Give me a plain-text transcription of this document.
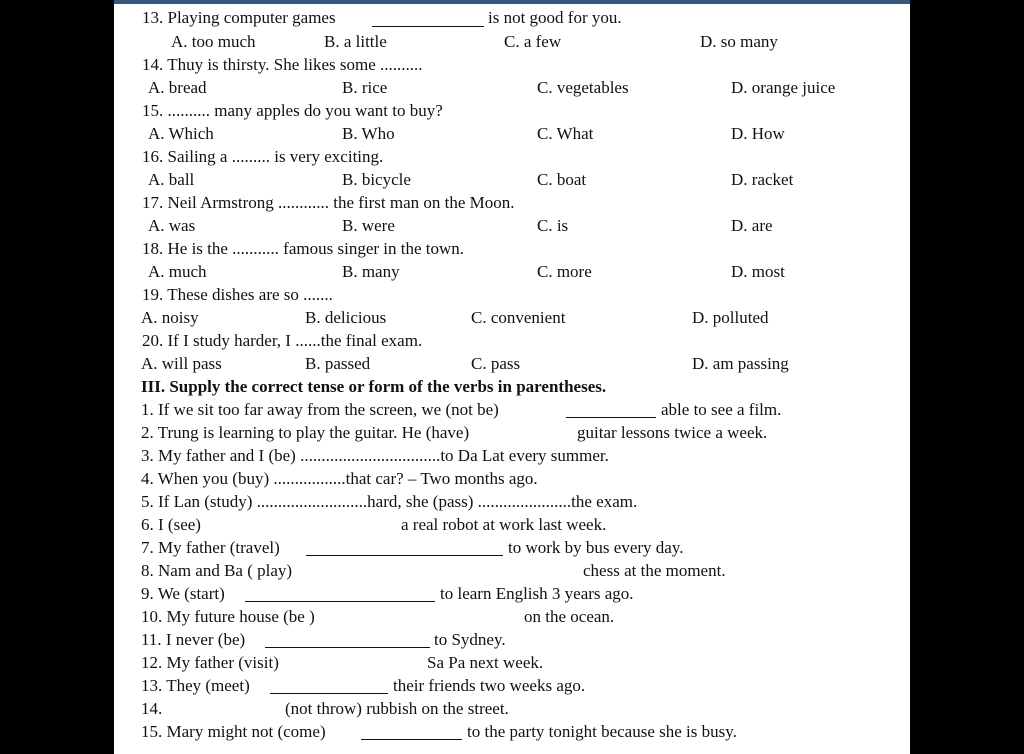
13. Playing computer games	is not good for you.
A. too much	B. a little	C. a few	D. so many
14. Thuy is thirsty. She likes some ..........
A. bread	B. rice	C. vegetables	D. orange juice
15. .......... many apples do you want to buy?
A. Which	B. Who	C. What	D. How
16. Sailing a ......... is very exciting.
A. ball	B. bicycle	C. boat	D. racket
17. Neil Armstrong ............ the first man on the Moon.
A. was	B. were	C. is	D. are
18. He is the ........... famous singer in the town.
A. much	B. many	C. more	D. most
19. These dishes are so .......
A. noisy	B. delicious	C. convenient	D. polluted
20. If I study harder, I ......the final exam.
A. will pass	B. passed	C. pass	D. am passing
III. Supply the correct tense or form of the verbs in parentheses.
1. If we sit too far away from the screen, we (not be)	able to see a film.
2. Trung is learning to play the guitar. He (have)	guitar lessons twice a week.
3. My father and I (be) .................................to Da Lat every summer.
4. When you (buy) .................that car? – Two months ago.
5. If Lan (study) ..........................hard, she (pass) ......................the exam.
6. I (see)	a real robot at work last week.
7. My father (travel)	to work by bus every day.
8. Nam and Ba ( play)	chess at the moment.
9. We (start)	to learn English 3 years ago.
10. My future house (be )	on the ocean.
11. I never (be)	to Sydney.
12. My father (visit)	Sa Pa next week.
13. They (meet)	their friends two weeks ago.
14.	(not throw) rubbish on the street.
15. Mary might not (come)	to the party tonight because she is busy.
